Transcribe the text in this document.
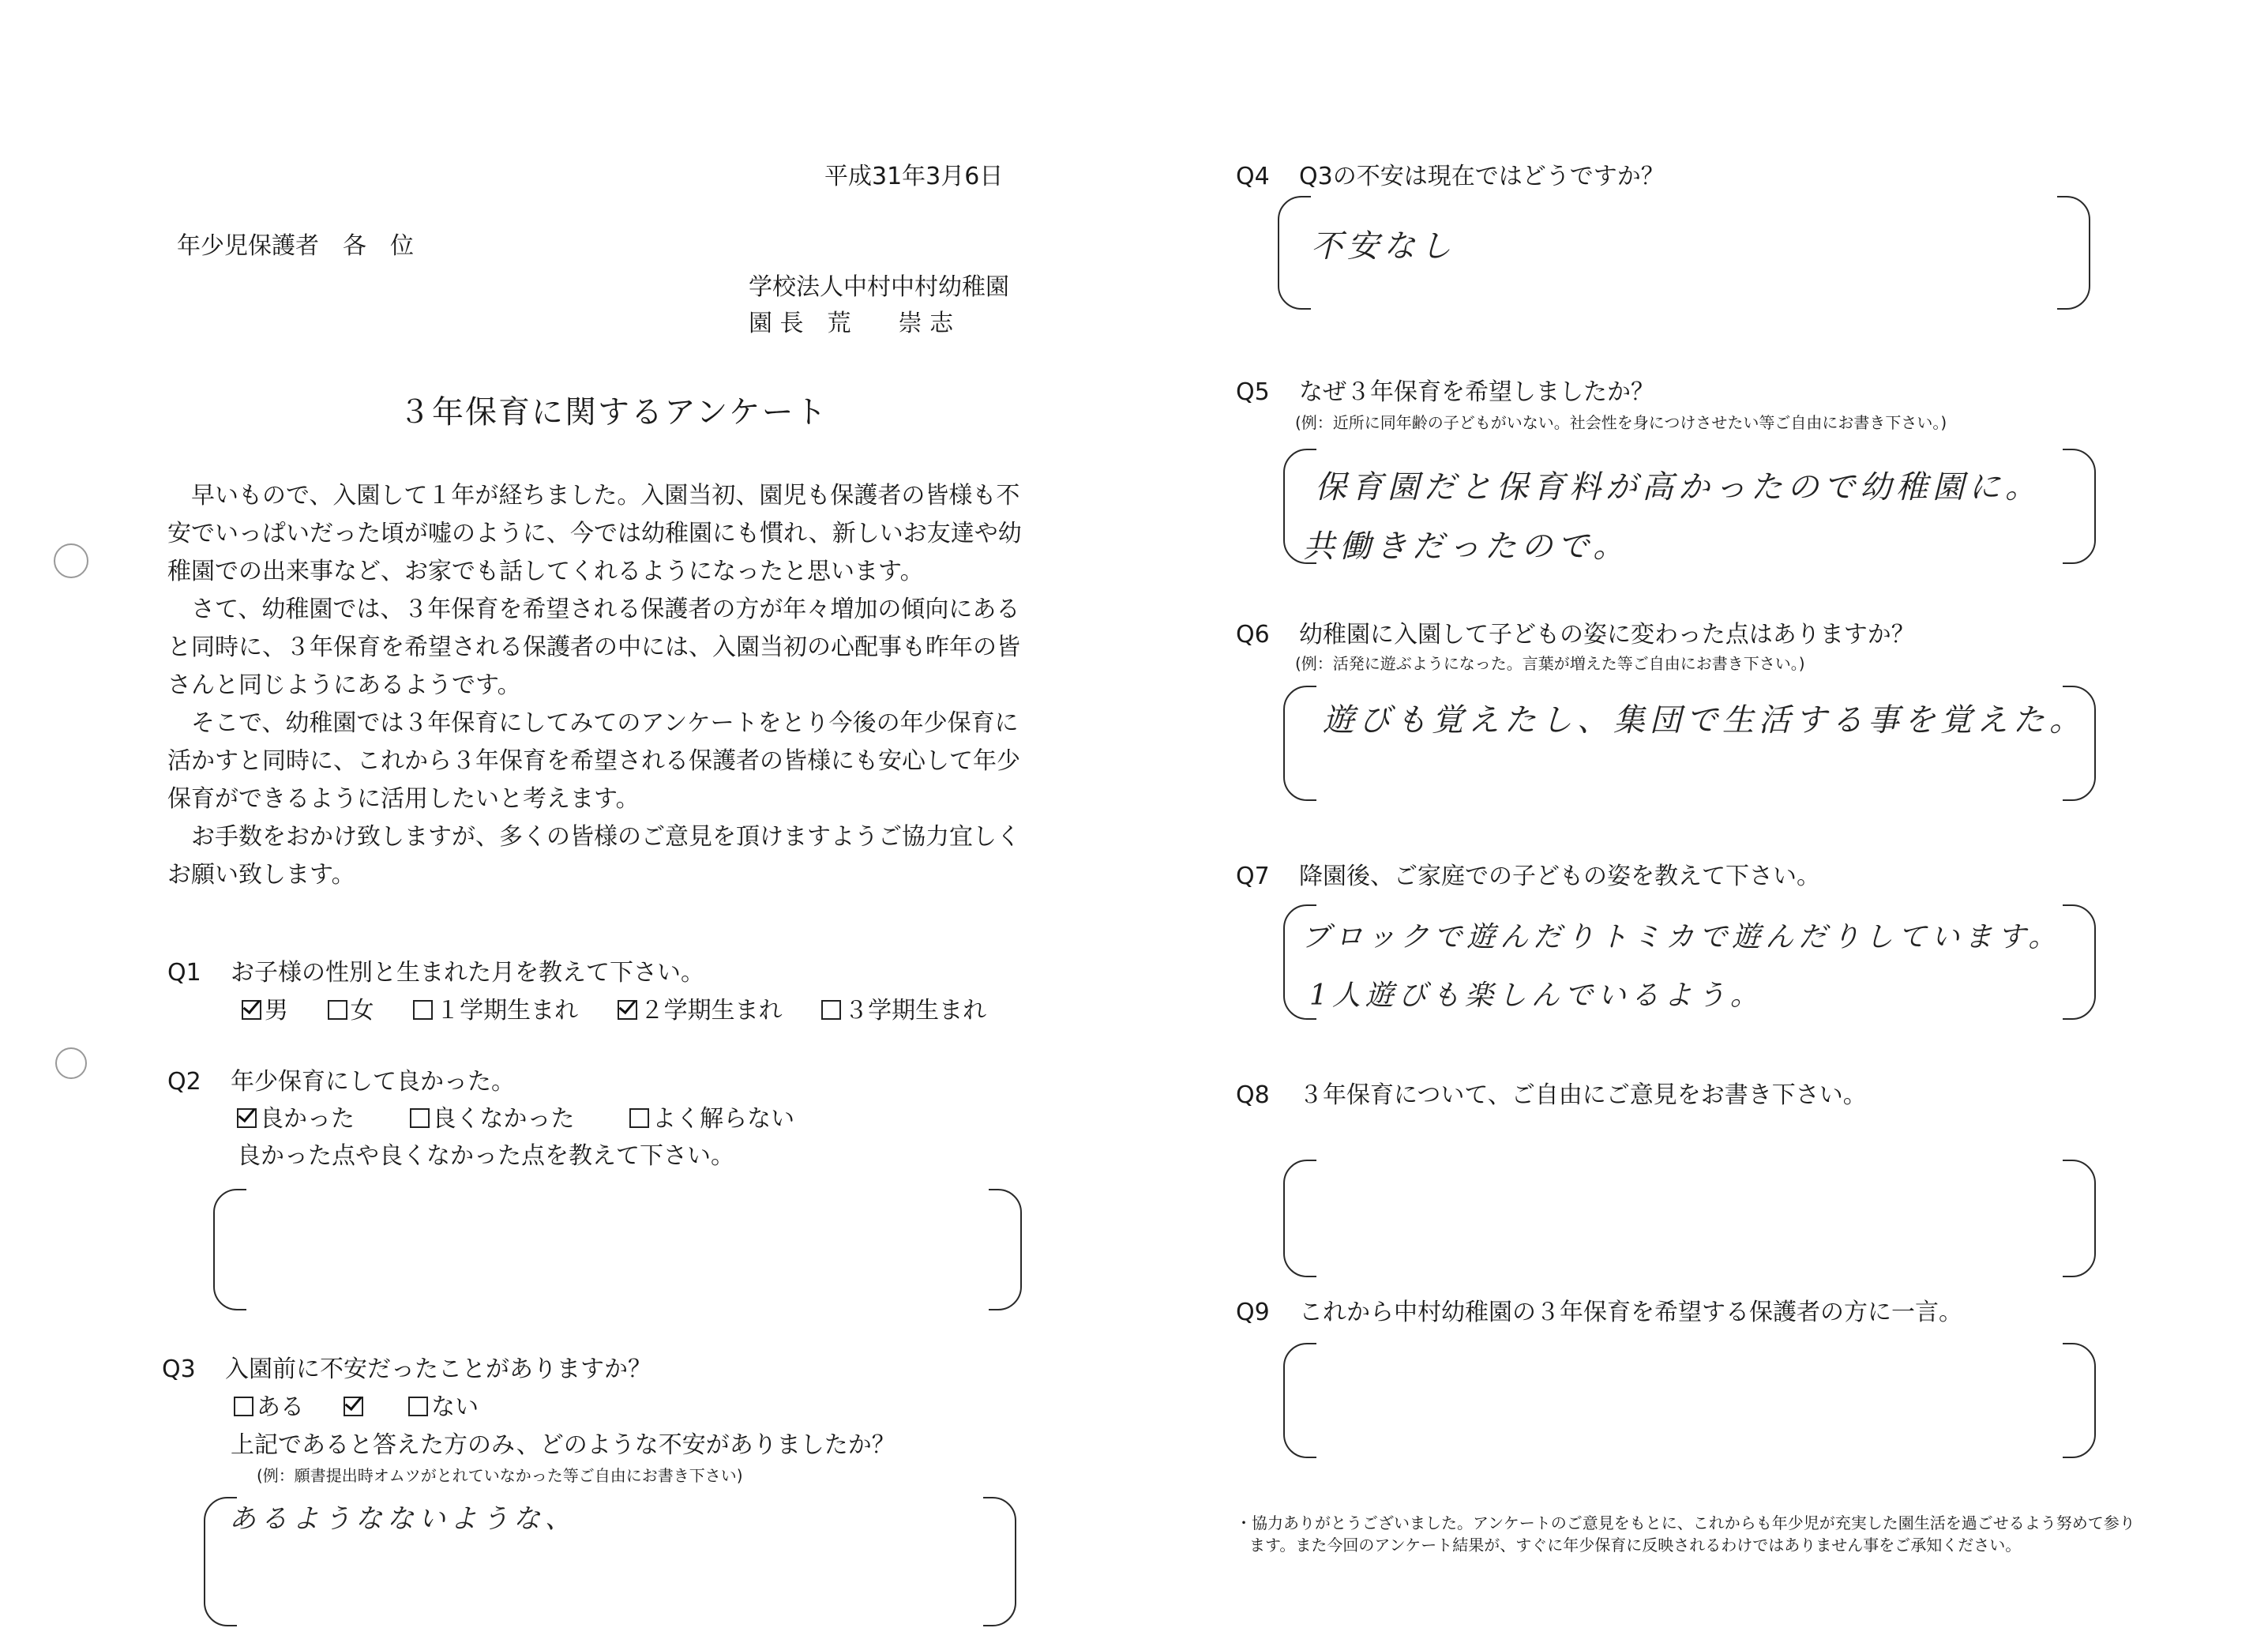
平成31年3月6日
年少児保護者　各　位
学校法人中村中村幼稚園
園 長　荒　　崇 志
３年保育に関するアンケート

早いもので、入園して１年が経ちました。入園当初、園児も保護者の皆様も不安でいっぱいだった頃が嘘のように、今では幼稚園にも慣れ、新しいお友達や幼稚園での出来事など、お家でも話してくれるようになったと思います。

さて、幼稚園では、３年保育を希望される保護者の方が年々増加の傾向にあると同時に、３年保育を希望される保護者の中には、入園当初の心配事も昨年の皆さんと同じようにあるようです。

そこで、幼稚園では３年保育にしてみてのアンケートをとり今後の年少保育に活かすと同時に、これから３年保育を希望される保護者の皆様にも安心して年少保育ができるように活用したいと考えます。

お手数をおかけ致しますが、多くの皆様のご意見を頂けますようご協力宜しくお願い致します。

Q1 お子様の性別と生まれた月を教えて下さい。
男	女	１学期生まれ	２学期生まれ	３学期生まれ
Q2 年少保育にして良かった。
良かった	良くなかった	よく解らない
良かった点や良くなかった点を教えて下さい。
Q3 入園前に不安だったことがありますか？
ある	ない
上記であると答えた方のみ、どのような不安がありましたか？
(例：願書提出時オムツがとれていなかった等ご自由にお書き下さい)
あるようなないような、
Q4 Q3の不安は現在ではどうですか？
不安なし
Q5 なぜ３年保育を希望しましたか？
(例：近所に同年齢の子どもがいない。社会性を身につけさせたい等ご自由にお書き下さい。)
保育園だと保育料が高かったので幼稚園に。
共働きだったので。
Q6 幼稚園に入園して子どもの姿に変わった点はありますか？
(例：活発に遊ぶようになった。言葉が増えた等ご自由にお書き下さい。)
遊びも覚えたし、集団で生活する事を覚えた。
Q7 降園後、ご家庭での子どもの姿を教えて下さい。
ブロックで遊んだりトミカで遊んだりしています。
1人遊びも楽しんでいるよう。
Q8 ３年保育について、ご自由にご意見をお書き下さい。
Q9 これから中村幼稚園の３年保育を希望する保護者の方に一言。
・協力ありがとうございました。アンケートのご意見をもとに、これからも年少児が充実した園生活を過ごせるよう努めて参り
ます。また今回のアンケート結果が、すぐに年少保育に反映されるわけではありません事をご承知ください。
